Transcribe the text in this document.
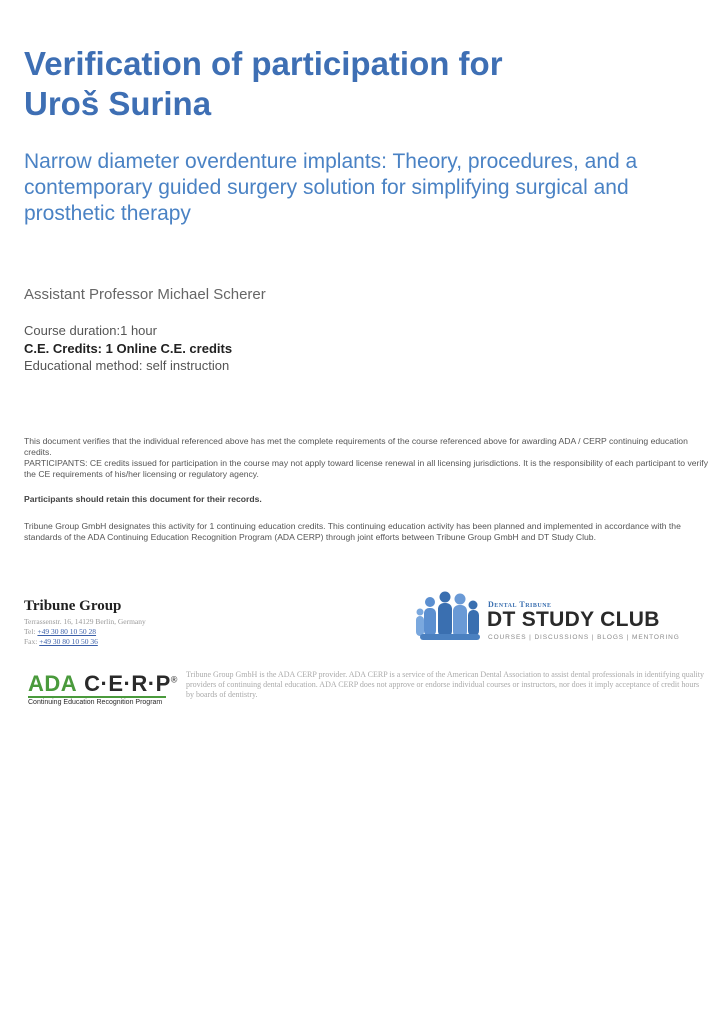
Verification of participation for
Uroš Surina
Narrow diameter overdenture implants: Theory, procedures, and a contemporary guided surgery solution for simplifying surgical and prosthetic therapy
Assistant Professor Michael Scherer
Course duration:1 hour
C.E. Credits: 1 Online C.E. credits
Educational method: self instruction
This document verifies that the individual referenced above has met the complete requirements of the course referenced above for awarding ADA / CERP continuing education credits.
PARTICIPANTS: CE credits issued for participation in the course may not apply toward license renewal in all licensing jurisdictions. It is the responsibility of each participant to verify the CE requirements of his/her licensing or regulatory agency.
Participants should retain this document for their records.
Tribune Group GmbH designates this activity for 1 continuing education credits. This continuing education activity has been planned and implemented in accordance with the standards of the ADA Continuing Education Recognition Program (ADA CERP) through joint efforts between Tribune Group GmbH and DT Study Club.
Tribune Group
Terrassenstr. 16, 14129 Berlin, Germany
Tel: +49 30 80 10 50 28
Fax: +49 30 80 10 50 36
Dental Tribune
DT STUDY CLUB
COURSES | DISCUSSIONS | BLOGS | MENTORING
ADA C·E·R·P®
Continuing Education Recognition Program
Tribune Group GmbH is the ADA CERP provider. ADA CERP is a service of the American Dental Association to assist dental professionals in identifying quality providers of continuing dental education. ADA CERP does not approve or endorse individual courses or instructors, nor does it imply acceptance of credit hours by boards of dentistry.
